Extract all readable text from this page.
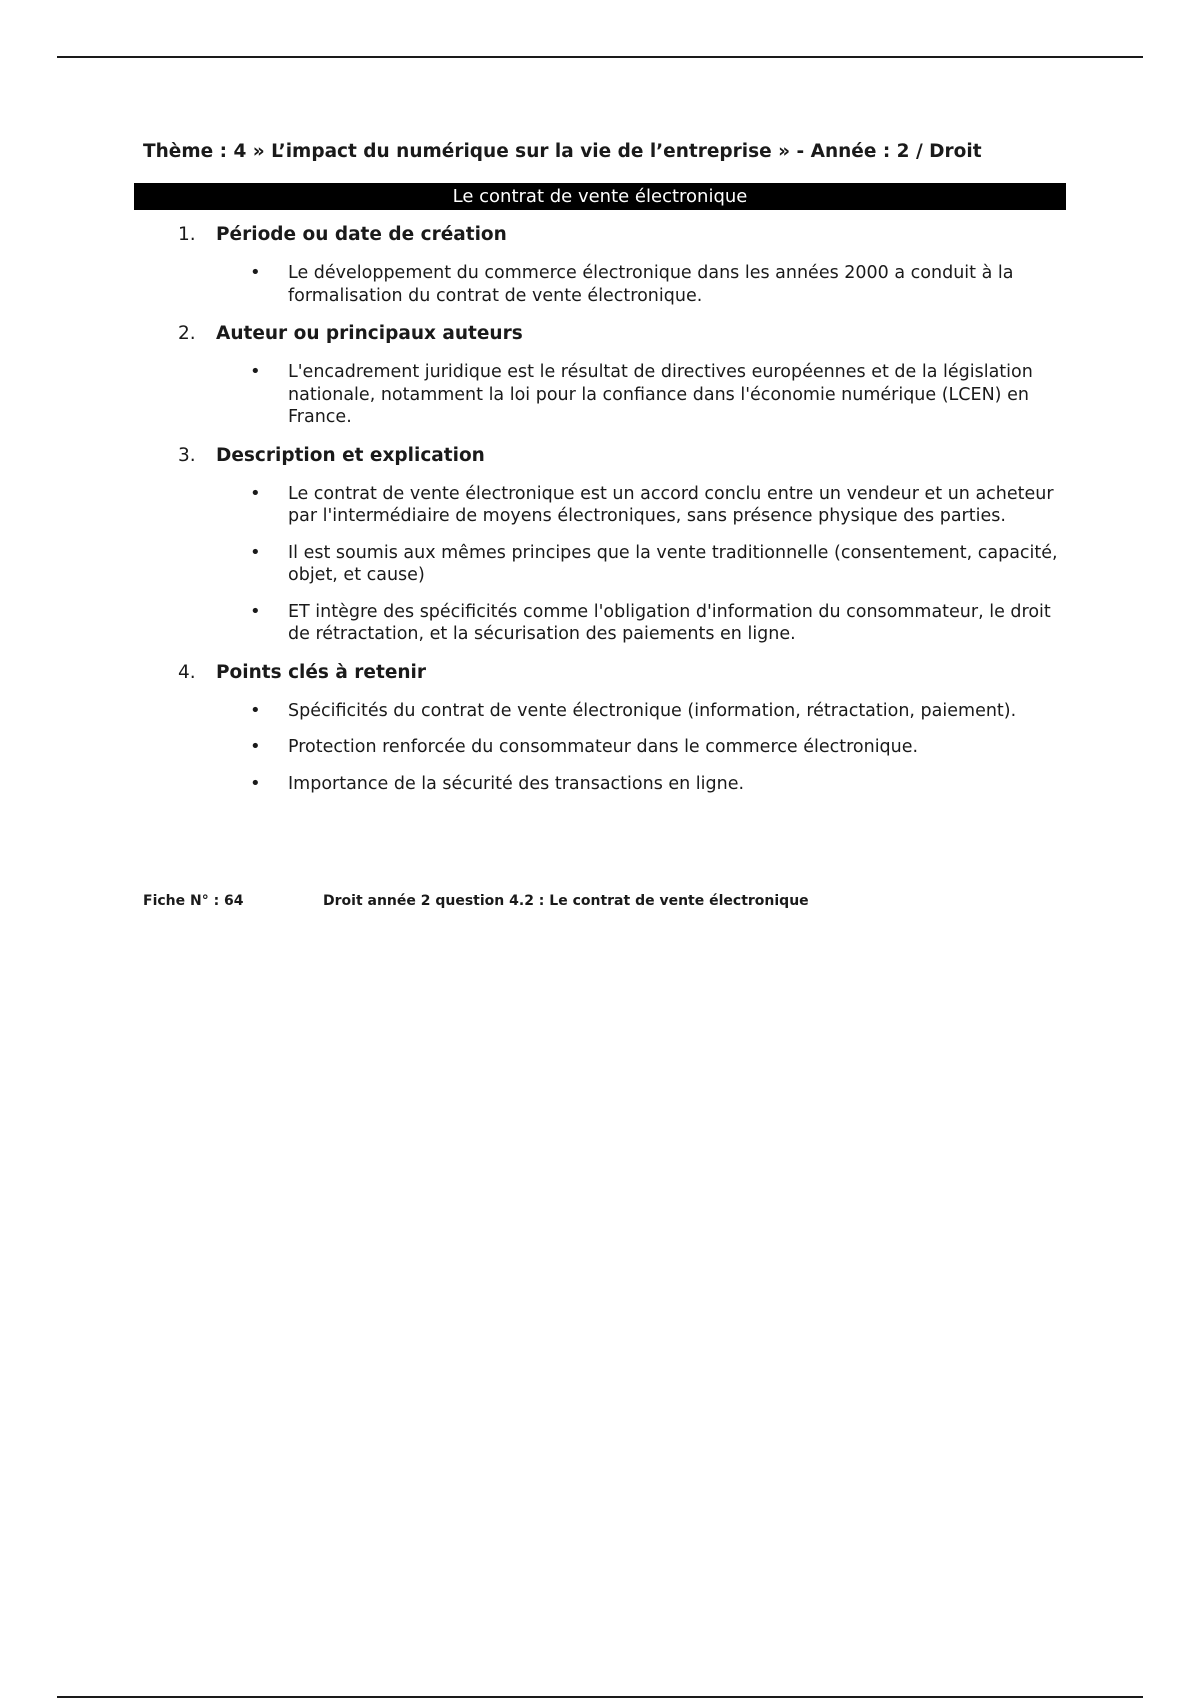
Thème : 4 » L’impact du numérique sur la vie de l’entreprise » - Année : 2 / Droit
Le contrat de vente électronique
1.	Période ou date de création
•	Le développement du commerce électronique dans les années 2000 a conduit à la formalisation du contrat de vente électronique.
2.	Auteur ou principaux auteurs
•	L'encadrement juridique est le résultat de directives européennes et de la législation nationale, notamment la loi pour la confiance dans l'économie numérique (LCEN) en France.
3.	Description et explication
•	Le contrat de vente électronique est un accord conclu entre un vendeur et un acheteur par l'intermédiaire de moyens électroniques, sans présence physique des parties.
•	Il est soumis aux mêmes principes que la vente traditionnelle (consentement, capacité, objet, et cause)
•	ET intègre des spécificités comme l'obligation d'information du consommateur, le droit de rétractation, et la sécurisation des paiements en ligne.
4.	Points clés à retenir
•	Spécificités du contrat de vente électronique (information, rétractation, paiement).
•	Protection renforcée du consommateur dans le commerce électronique.
•	Importance de la sécurité des transactions en ligne.
Fiche N° : 64	Droit année 2 question 4.2 : Le contrat de vente électronique
